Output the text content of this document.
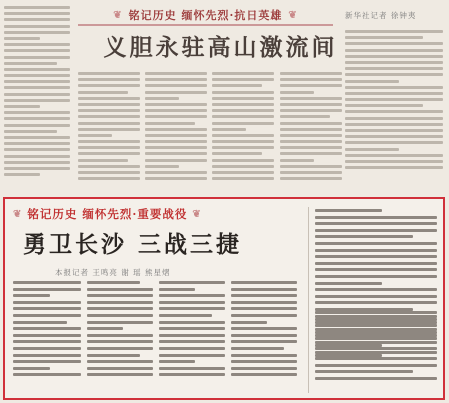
❦ 铭记历史 缅怀先烈·抗日英雄 ❦	新华社记者 徐钟夷
义胆永驻高山激流间
❦ 铭记历史 缅怀先烈·重要战役 ❦
勇卫长沙 三战三捷
本报记者 王鸣亮 谢 瑶 熊星熠
